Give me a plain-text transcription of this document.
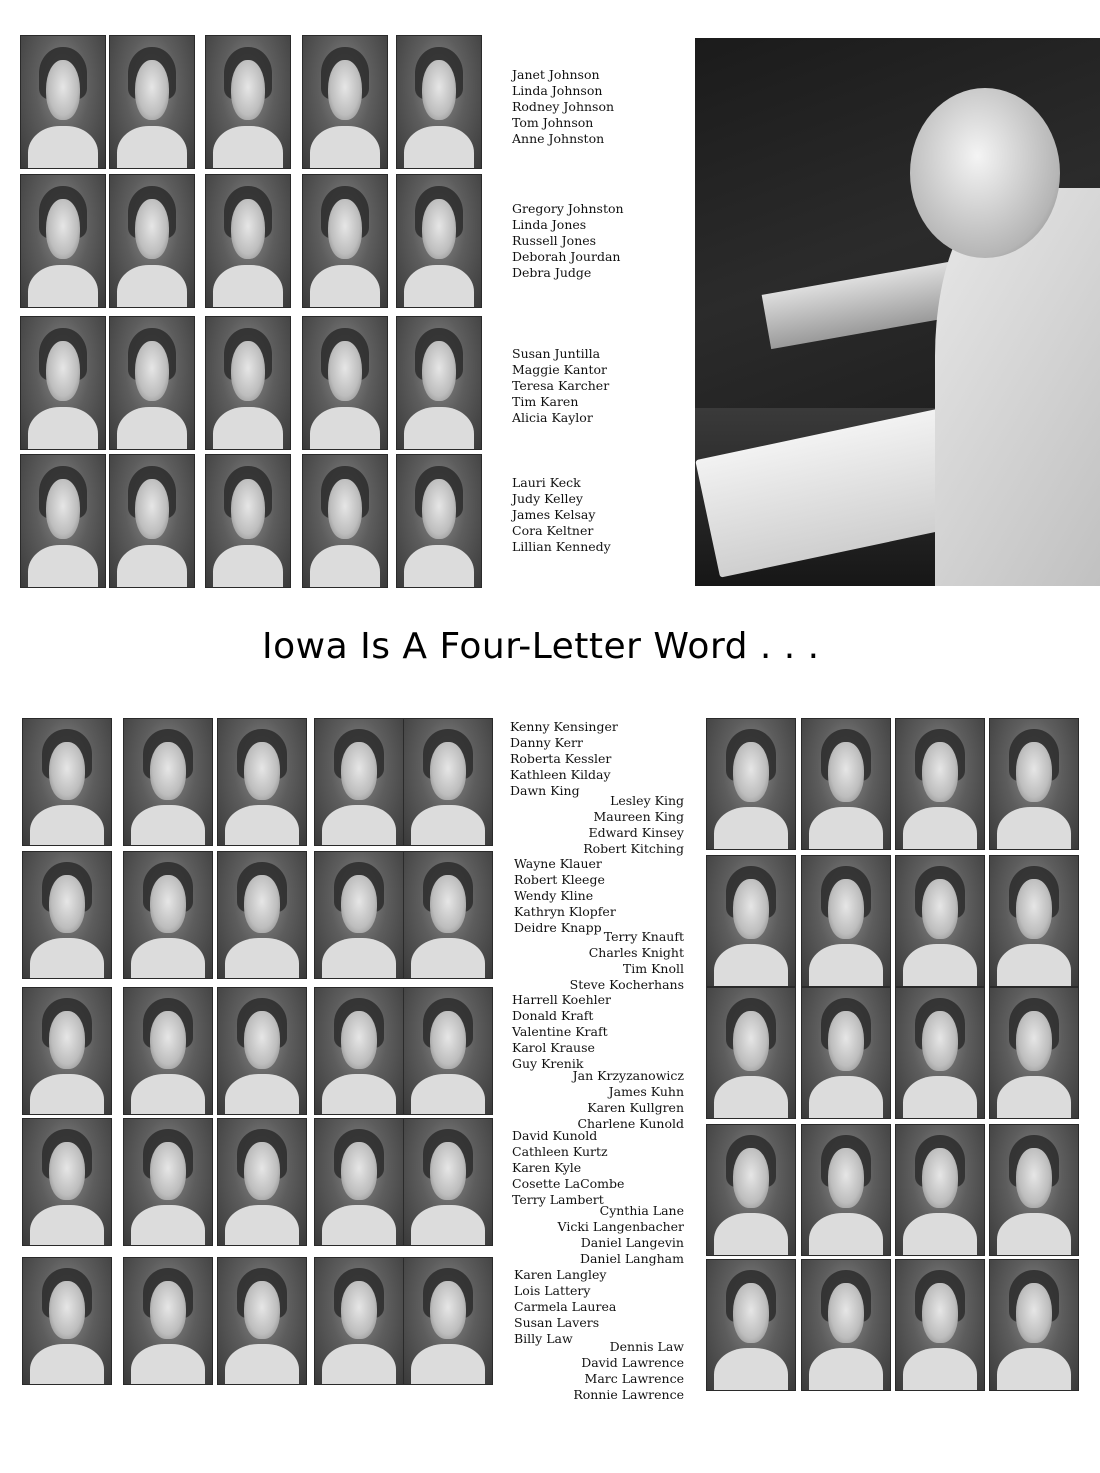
Janet Johnson
Linda Johnson
Rodney Johnson
Tom Johnson
Anne Johnston
Gregory Johnston
Linda Jones
Russell Jones
Deborah Jourdan
Debra Judge
Susan Juntilla
Maggie Kantor
Teresa Karcher
Tim Karen
Alicia Kaylor
Lauri Keck
Judy Kelley
James Kelsay
Cora Keltner
Lillian Kennedy
Iowa Is A Four-Letter Word . . .
Kenny Kensinger
Danny Kerr
Roberta Kessler
Kathleen Kilday
Dawn King
Lesley King
Maureen King
Edward Kinsey
Robert Kitching
Wayne Klauer
Robert Kleege
Wendy Kline
Kathryn Klopfer
Deidre Knapp
Terry Knauft
Charles Knight
Tim Knoll
Steve Kocherhans
Harrell Koehler
Donald Kraft
Valentine Kraft
Karol Krause
Guy Krenik
Jan Krzyzanowicz
James Kuhn
Karen Kullgren
Charlene Kunold
David Kunold
Cathleen Kurtz
Karen Kyle
Cosette LaCombe
Terry Lambert
Cynthia Lane
Vicki Langenbacher
Daniel Langevin
Daniel Langham
Karen Langley
Lois Lattery
Carmela Laurea
Susan Lavers
Billy Law
Dennis Law
David Lawrence
Marc Lawrence
Ronnie Lawrence
